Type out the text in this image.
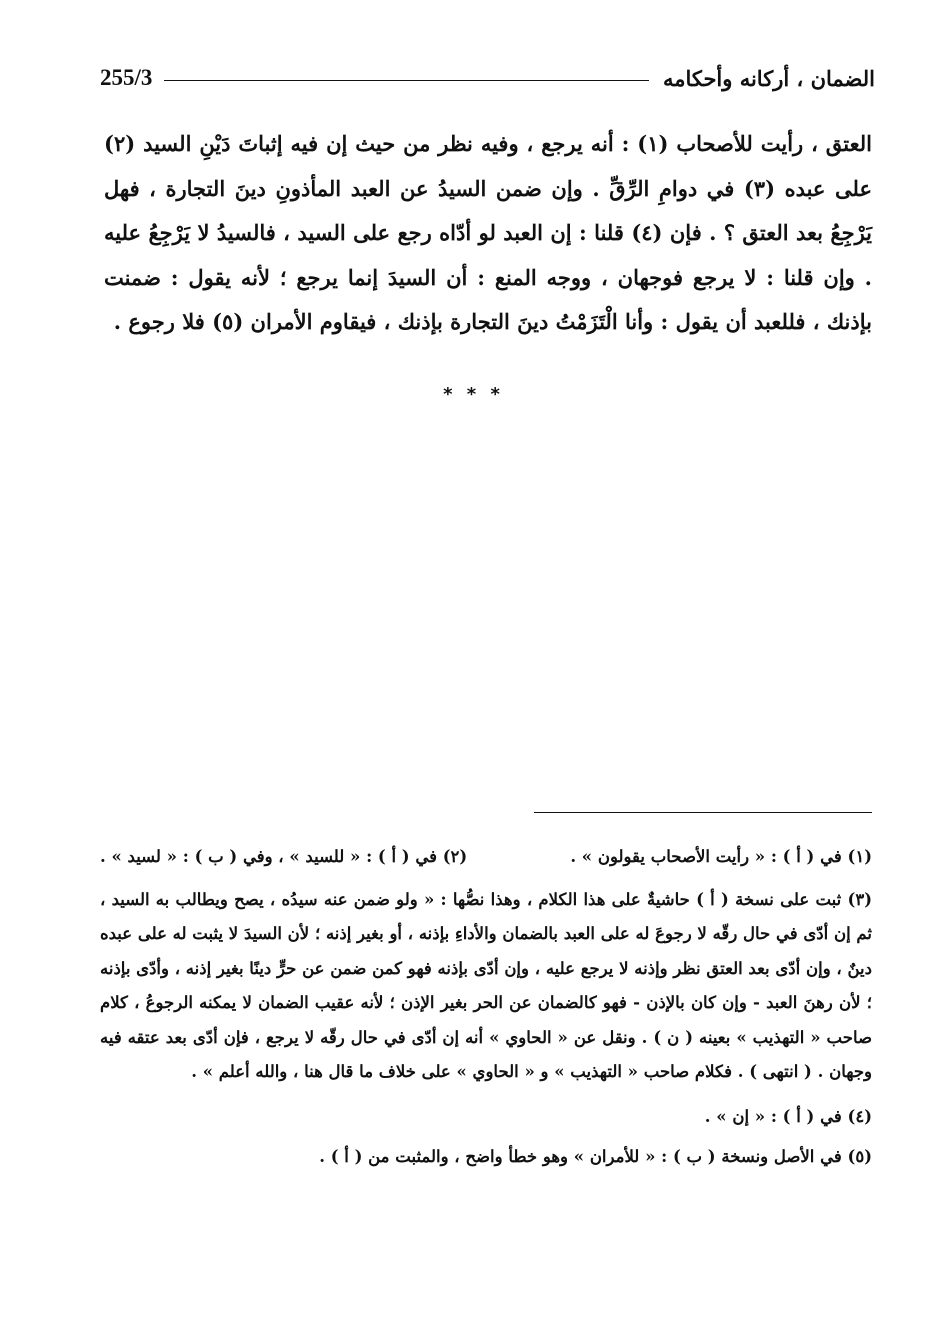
255/3	الضمان ، أركانه وأحكامه

العتق ، رأيت للأصحاب (١) : أنه يرجع ، وفيه نظر من حيث إن فيه إثباتَ دَيْنِ السيد (٢) على عبده (٣) في دوامِ الرِّقِّ . وإن ضمن السيدُ عن العبد المأذونِ دينَ التجارة ، فهل يَرْجِعُ بعد العتق ؟ . فإن (٤) قلنا : إن العبد لو أدّاه رجع على السيد ، فالسيدُ لا يَرْجِعُ عليه . وإن قلنا : لا يرجع فوجهان ، ووجه المنع : أن السيدَ إنما يرجع ؛ لأنه يقول : ضمنت بإذنك ، فللعبد أن يقول : وأنا الْتَزَمْتُ دينَ التجارة بإذنك ، فيقاوم الأمران (٥) فلا رجوع .

* * *

(١) في ( أ ) : « رأيت الأصحاب يقولون » .

(٢) في ( أ ) : « للسيد » ، وفي ( ب ) : « لسيد » .

(٣) ثبت على نسخة ( أ ) حاشيةٌ على هذا الكلام ، وهذا نصُّها : « ولو ضمن عنه سيدُه ، يصح ويطالب به السيد ، ثم إن أدّى في حال رقّه لا رجوعَ له على العبد بالضمان والأداءِ بإذنه ، أو بغير إذنه ؛ لأن السيدَ لا يثبت له على عبده دينٌ ، وإن أدّى بعد العتق نظر وإذنه لا يرجع عليه ، وإن أدّى بإذنه فهو كمن ضمن عن حرٍّ دينًا بغير إذنه ، وأدّى بإذنه ؛ لأن رهنَ العبد - وإن كان بالإذن - فهو كالضمان عن الحر بغير الإذن ؛ لأنه عقيب الضمان لا يمكنه الرجوعُ ، كلام صاحب « التهذيب » بعينه ( ن ) . ونقل عن « الحاوي » أنه إن أدّى في حال رقّه لا يرجع ، فإن أدّى بعد عتقه فيه وجهان . ( انتهى ) . فكلام صاحب « التهذيب » و « الحاوي » على خلاف ما قال هنا ، والله أعلم » .

(٤) في ( أ ) : « إن » .

(٥) في الأصل ونسخة ( ب ) : « للأمران » وهو خطأ واضح ، والمثبت من ( أ ) .
